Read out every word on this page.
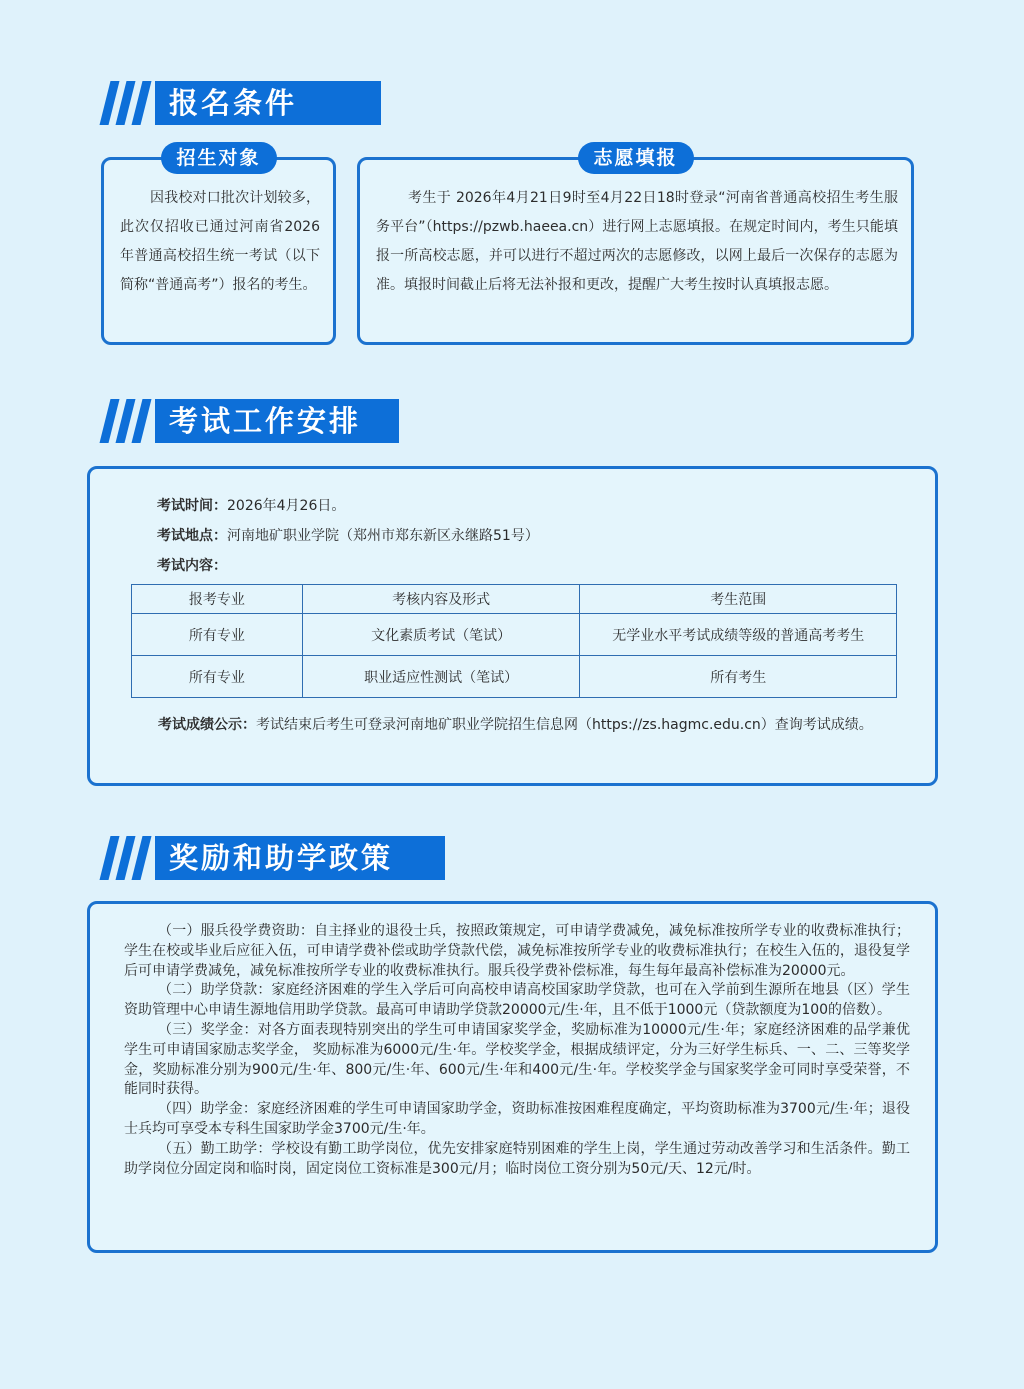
报名条件
招生对象
因我校对口批次计划较多，此次仅招收已通过河南省2026年普通高校招生统一考试（以下简称“普通高考”）报名的考生。
志愿填报
考生于 2026年4月21日9时至4月22日18时登录“河南省普通高校招生考生服务平台”（https://pzwb.haeea.cn）进行网上志愿填报。在规定时间内，考生只能填报一所高校志愿，并可以进行不超过两次的志愿修改，以网上最后一次保存的志愿为准。填报时间截止后将无法补报和更改，提醒广大考生按时认真填报志愿。
考试工作安排
考试时间：2026年4月26日。
考试地点：河南地矿职业学院（郑州市郑东新区永继路51号）
考试内容：
报考专业	考核内容及形式	考生范围
所有专业	文化素质考试（笔试）	无学业水平考试成绩等级的普通高考考生
所有专业	职业适应性测试（笔试）	所有考生
考试成绩公示：考试结束后考生可登录河南地矿职业学院招生信息网（https://zs.hagmc.edu.cn）查询考试成绩。
奖励和助学政策

（一）服兵役学费资助：自主择业的退役士兵，按照政策规定，可申请学费减免，减免标准按所学专业的收费标准执行；学生在校或毕业后应征入伍，可申请学费补偿或助学贷款代偿，减免标准按所学专业的收费标准执行；在校生入伍的，退役复学后可申请学费减免，减免标准按所学专业的收费标准执行。服兵役学费补偿标准，每生每年最高补偿标准为20000元。

（二）助学贷款：家庭经济困难的学生入学后可向高校申请高校国家助学贷款，也可在入学前到生源所在地县（区）学生资助管理中心申请生源地信用助学贷款。最高可申请助学贷款20000元/生·年，且不低于1000元（贷款额度为100的倍数）。

（三）奖学金：对各方面表现特别突出的学生可申请国家奖学金，奖励标准为10000元/生·年；家庭经济困难的品学兼优学生可申请国家励志奖学金， 奖励标准为6000元/生·年。学校奖学金，根据成绩评定，分为三好学生标兵、一、二、三等奖学金，奖励标准分别为900元/生·年、800元/生·年、600元/生·年和400元/生·年。学校奖学金与国家奖学金可同时享受荣誉，不能同时获得。

（四）助学金：家庭经济困难的学生可申请国家助学金，资助标准按困难程度确定，平均资助标准为3700元/生·年；退役士兵均可享受本专科生国家助学金3700元/生·年。

（五）勤工助学：学校设有勤工助学岗位，优先安排家庭特别困难的学生上岗，学生通过劳动改善学习和生活条件。勤工助学岗位分固定岗和临时岗，固定岗位工资标准是300元/月；临时岗位工资分别为50元/天、12元/时。
